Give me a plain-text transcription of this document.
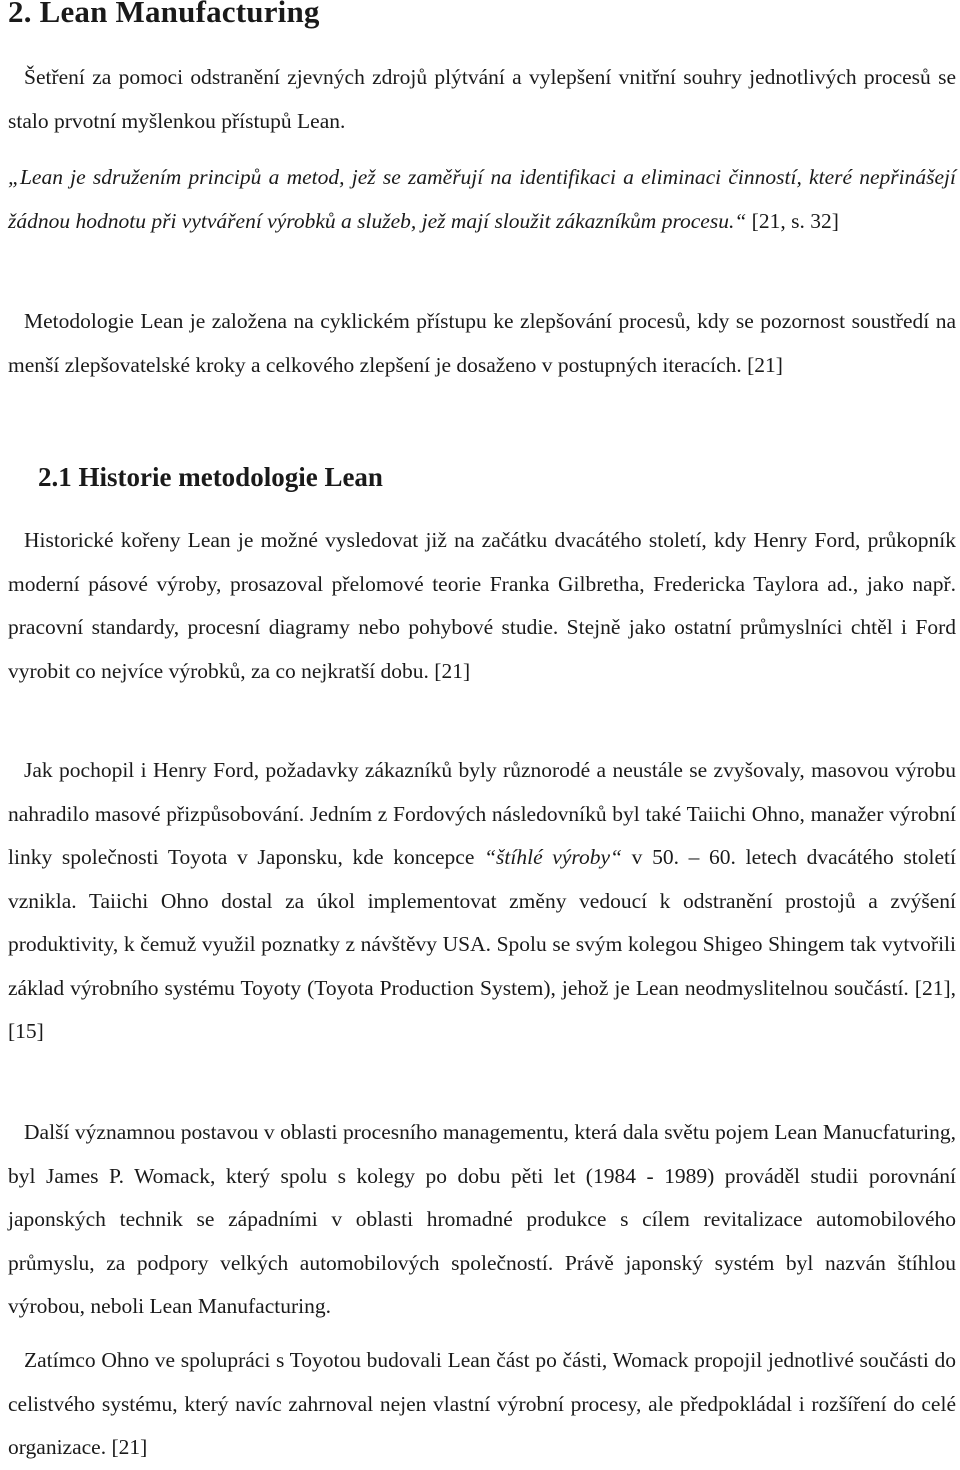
2. Lean Manufacturing

Šetření za pomoci odstranění zjevných zdrojů plýtvání a vylepšení vnitřní souhry jednotlivých procesů se stalo prvotní myšlenkou přístupů Lean.

„Lean je sdružením principů a metod, jež se zaměřují na identifikaci a eliminaci činností, které nepřinášejí žádnou hodnotu při vytváření výrobků a služeb, jež mají sloužit zákazníkům procesu.“ [21, s. 32]

Metodologie Lean je založena na cyklickém přístupu ke zlepšování procesů, kdy se pozornost soustředí na menší zlepšovatelské kroky a celkového zlepšení je dosaženo v postupných iteracích. [21]

2.1 Historie metodologie Lean

Historické kořeny Lean je možné vysledovat již na začátku dvacátého století, kdy Henry Ford, průkopník moderní pásové výroby, prosazoval přelomové teorie Franka Gilbretha, Fredericka Taylora ad., jako např. pracovní standardy, procesní diagramy nebo pohybové studie. Stejně jako ostatní průmyslníci chtěl i Ford vyrobit co nejvíce výrobků, za co nejkratší dobu. [21]

Jak pochopil i Henry Ford, požadavky zákazníků byly různorodé a neustále se zvyšovaly, masovou výrobu nahradilo masové přizpůsobování. Jedním z Fordových následovníků byl také Taiichi Ohno, manažer výrobní linky společnosti Toyota v Japonsku, kde koncepce “štíhlé výroby“ v 50. – 60. letech dvacátého století vznikla. Taiichi Ohno dostal za úkol implementovat změny vedoucí k odstranění prostojů a zvýšení produktivity, k čemuž využil poznatky z návštěvy USA. Spolu se svým kolegou Shigeo Shingem tak vytvořili základ výrobního systému Toyoty (Toyota Production System), jehož je Lean neodmyslitelnou součástí. [21], [15]

Další významnou postavou v oblasti procesního managementu, která dala světu pojem Lean Manucfaturing, byl James P. Womack, který spolu s kolegy po dobu pěti let (1984 - 1989) prováděl studii porovnání japonských technik se západními v oblasti hromadné produkce s cílem revitalizace automobilového průmyslu, za podpory velkých automobilových společností. Právě japonský systém byl nazván štíhlou výrobou, neboli Lean Manufacturing.

Zatímco Ohno ve spolupráci s Toyotou budovali Lean část po části, Womack propojil jednotlivé součásti do celistvého systému, který navíc zahrnoval nejen vlastní výrobní procesy, ale předpokládal i rozšíření do celé organizace. [21]
